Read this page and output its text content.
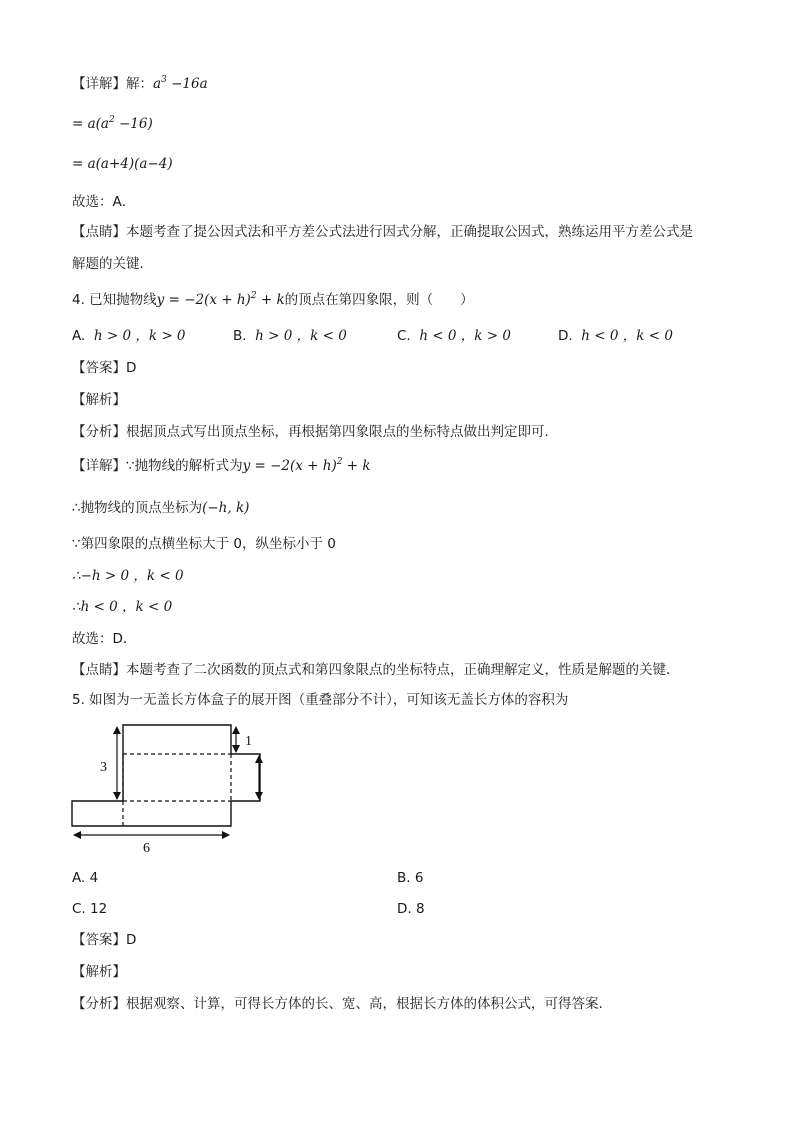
【详解】解：$a^3 -16a$
= $a(a^2 -16)$
= a(a+4)(a−4)
故选：A．
【点睛】本题考查了提公因式法和平方差公式法进行因式分解，正确提取公因式，熟练运用平方差公式是
解题的关键．
4. 已知抛物线$y = -2(x + h)^2 + k$的顶点在第四象限，则（　　）
A. h > 0 ，k > 0	B. h > 0 ，k < 0	C. h < 0 ，k > 0	D. h < 0 ，k < 0
【答案】D
【解析】
【分析】根据顶点式写出顶点坐标，再根据第四象限点的坐标特点做出判定即可．
【详解】∵抛物线的解析式为$y = -2(x + h)^2 + k$
∴抛物线的顶点坐标为(−h, k)
∵第四象限的点横坐标大于 0，纵坐标小于 0
∴−h > 0 ，k < 0
∴h < 0 ，k < 0
故选：D．
【点睛】本题考查了二次函数的顶点式和第四象限点的坐标特点，正确理解定义，性质是解题的关键．
5. 如图为一无盖长方体盒子的展开图（重叠部分不计），可知该无盖长方体的容积为
3
1
6
A. 4	B. 6
C. 12	D. 8
【答案】D
【解析】
【分析】根据观察、计算，可得长方体的长、宽、高，根据长方体的体积公式，可得答案.
